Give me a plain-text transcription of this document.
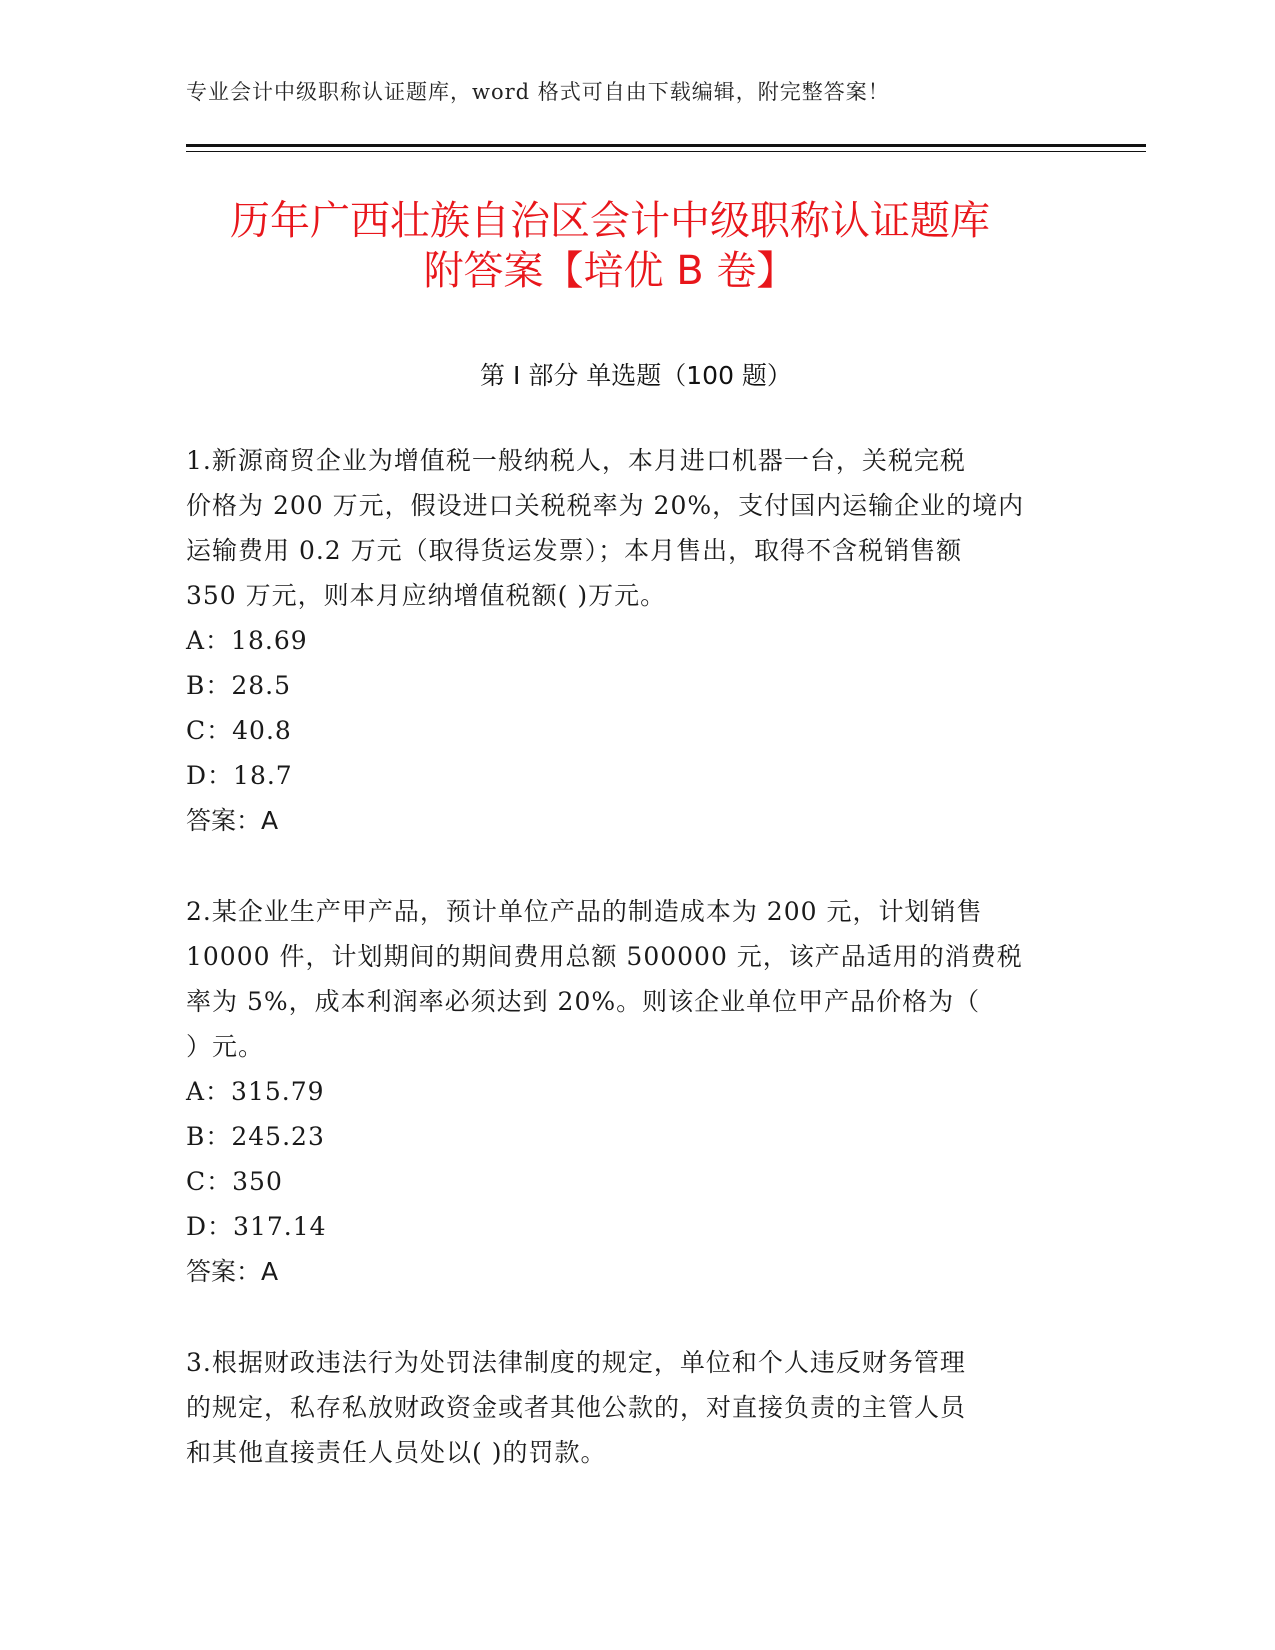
专业会计中级职称认证题库，word 格式可自由下载编辑，附完整答案！
历年广西壮族自治区会计中级职称认证题库
附答案【培优 B 卷】
第 I 部分 单选题（100 题）

1.新源商贸企业为增值税一般纳税人，本月进口机器一台，关税完税
价格为 200 万元，假设进口关税税率为 20%，支付国内运输企业的境内
运输费用 0.2 万元（取得货运发票）；本月售出，取得不含税销售额
350 万元，则本月应纳增值税额( )万元。

A：18.69
B：28.5
C：40.8
D：18.7
答案：A

2.某企业生产甲产品，预计单位产品的制造成本为 200 元，计划销售
10000 件，计划期间的期间费用总额 500000 元，该产品适用的消费税
率为 5%，成本利润率必须达到 20%。则该企业单位甲产品价格为（
）元。

A：315.79
B：245.23
C：350
D：317.14
答案：A

3.根据财政违法行为处罚法律制度的规定，单位和个人违反财务管理
的规定，私存私放财政资金或者其他公款的，对直接负责的主管人员
和其他直接责任人员处以( )的罚款。
